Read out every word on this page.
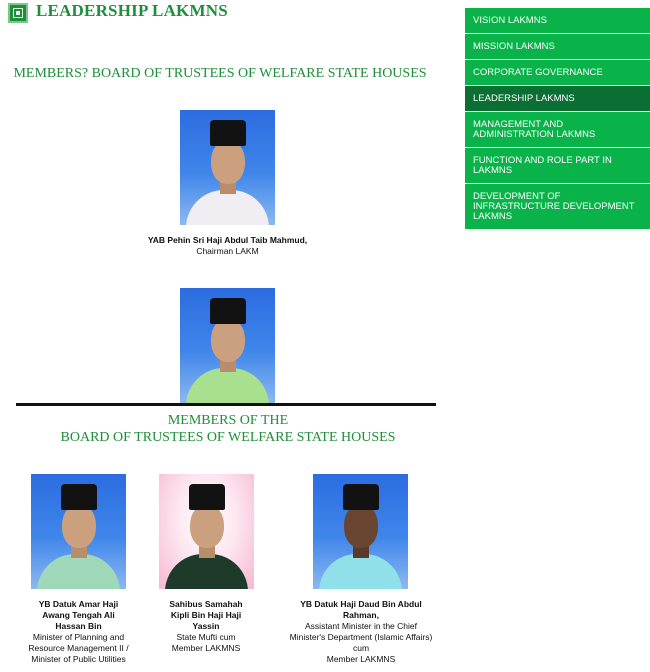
LEADERSHIP LAKMNS
VISION LAKMNS
MISSION LAKMNS
CORPORATE GOVERNANCE
LEADERSHIP LAKMNS
MANAGEMENT AND ADMINISTRATION LAKMNS
FUNCTION AND ROLE PART IN LAKMNS
DEVELOPMENT OF INFRASTRUCTURE DEVELOPMENT LAKMNS
MEMBERS? BOARD OF TRUSTEES OF WELFARE STATE HOUSES
YAB Pehin Sri Haji Abdul Taib Mahmud,
Chairman LAKM
MEMBERS OF THE
BOARD OF TRUSTEES OF WELFARE STATE HOUSES
YB Datuk Amar Haji
Awang Tengah Ali
Hassan Bin
Minister of Planning and
Resource Management II /
Minister of Public Utilities
Sahibus Samahah
Kipli Bin Haji Haji
Yassin
State Mufti cum
Member LAKMNS
YB Datuk Haji Daud Bin Abdul
Rahman,
Assistant Minister in the Chief
Minister's Department (Islamic Affairs)
cum
Member LAKMNS
